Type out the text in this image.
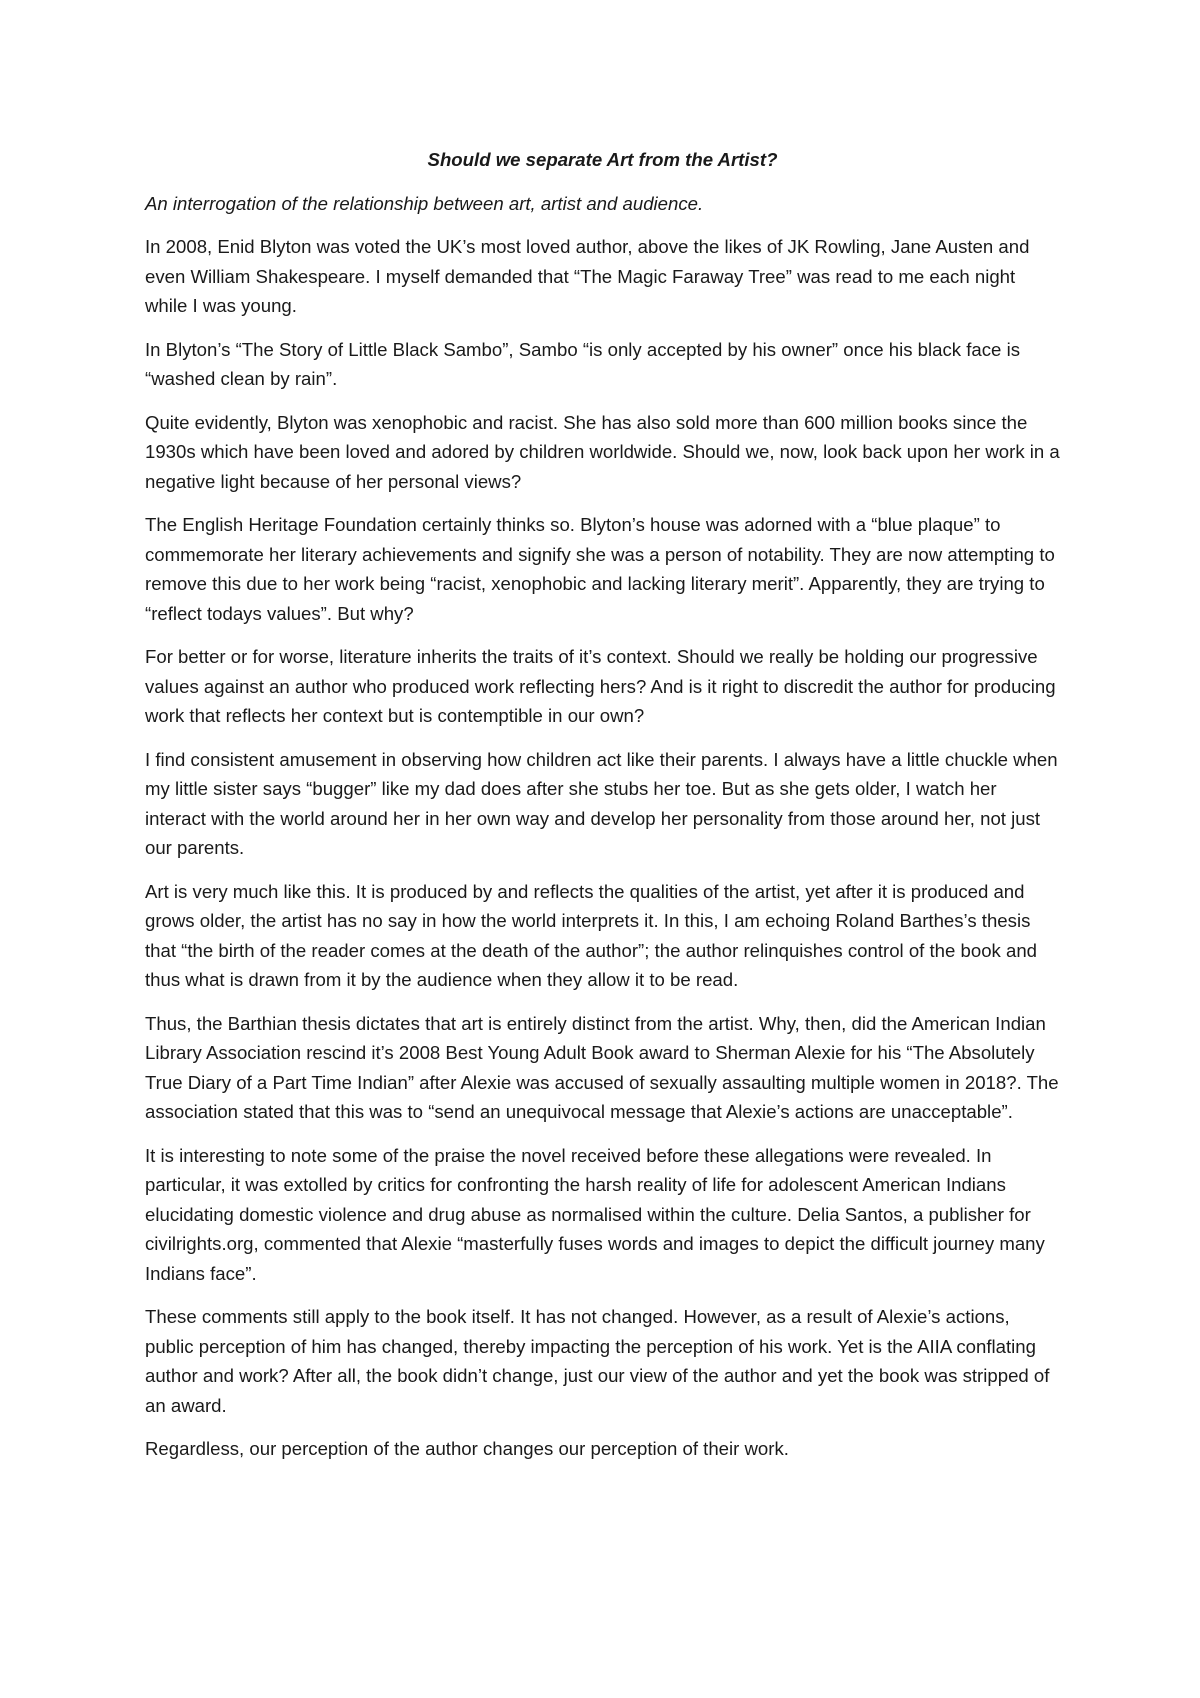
Should we separate Art from the Artist?

An interrogation of the relationship between art, artist and audience.

In 2008, Enid Blyton was voted the UK’s most loved author, above the likes of JK Rowling, Jane Austen and even William Shakespeare. I myself demanded that “The Magic Faraway Tree” was read to me each night while I was young.

In Blyton’s “The Story of Little Black Sambo”, Sambo “is only accepted by his owner” once his black face is “washed clean by rain”.

Quite evidently, Blyton was xenophobic and racist. She has also sold more than 600 million books since the 1930s which have been loved and adored by children worldwide. Should we, now, look back upon her work in a negative light because of her personal views?

The English Heritage Foundation certainly thinks so. Blyton’s house was adorned with a “blue plaque” to commemorate her literary achievements and signify she was a person of notability. They are now attempting to remove this due to her work being “racist, xenophobic and lacking literary merit”. Apparently, they are trying to “reflect todays values”. But why?

For better or for worse, literature inherits the traits of it’s context. Should we really be holding our progressive values against an author who produced work reflecting hers? And is it right to discredit the author for producing work that reflects her context but is contemptible in our own?

I find consistent amusement in observing how children act like their parents. I always have a little chuckle when my little sister says “bugger” like my dad does after she stubs her toe. But as she gets older, I watch her interact with the world around her in her own way and develop her personality from those around her, not just our parents.

Art is very much like this. It is produced by and reflects the qualities of the artist, yet after it is produced and grows older, the artist has no say in how the world interprets it. In this, I am echoing Roland Barthes’s thesis that “the birth of the reader comes at the death of the author”; the author relinquishes control of the book and thus what is drawn from it by the audience when they allow it to be read.

Thus, the Barthian thesis dictates that art is entirely distinct from the artist. Why, then, did the American Indian Library Association rescind it’s 2008 Best Young Adult Book award to Sherman Alexie for his “The Absolutely True Diary of a Part Time Indian” after Alexie was accused of sexually assaulting multiple women in 2018?. The association stated that this was to “send an unequivocal message that Alexie’s actions are unacceptable”.

It is interesting to note some of the praise the novel received before these allegations were revealed. In particular, it was extolled by critics for confronting the harsh reality of life for adolescent American Indians elucidating domestic violence and drug abuse as normalised within the culture. Delia Santos, a publisher for civilrights.org, commented that Alexie “masterfully fuses words and images to depict the difficult journey many Indians face”.

These comments still apply to the book itself. It has not changed. However, as a result of Alexie’s actions, public perception of him has changed, thereby impacting the perception of his work. Yet is the AIIA conflating author and work? After all, the book didn’t change, just our view of the author and yet the book was stripped of an award.

Regardless, our perception of the author changes our perception of their work.
